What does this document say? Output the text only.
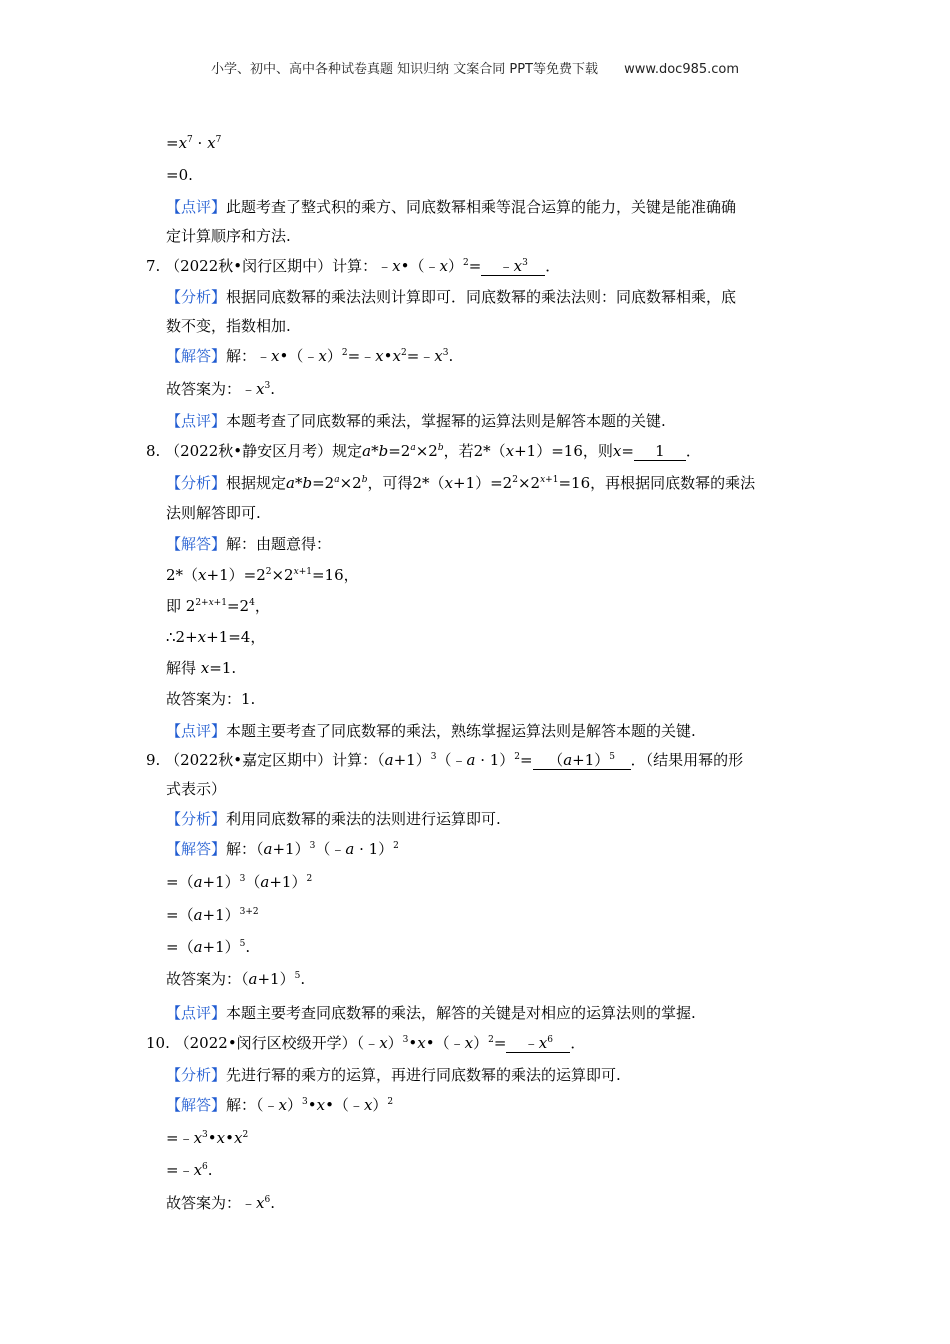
小学、初中、高中各种试卷真题 知识归纳 文案合同 PPT等免费下载 www.doc985.com
$=x^7 \cdot x^7$
=0.
【点评】此题考查了整式积的乘方、同底数幂相乘等混合运算的能力，关键是能准确确
定计算顺序和方法.
7. （2022秋•闵行区期中）计算：﹣x•（﹣x）$^2$= $﹣x^3$ ．
【分析】根据同底数幂的乘法法则计算即可．同底数幂的乘法法则：同底数幂相乘，底
数不变，指数相加.
【解答】解：$﹣x•(﹣x)^2=﹣x•x^2=﹣x^3$.
故答案为：$﹣x^3$.
【点评】本题考查了同底数幂的乘法，掌握幂的运算法则是解答本题的关键.
8. （2022秋•静安区月考）规定$a*b=2^a\times 2^b$，若2*（x+1）=16，则x= 1 ．
【分析】根据规定$a*b=2^a\times 2^b$，可得$2*(x+1)=2^2\times 2^{x+1}=16$，再根据同底数幂的乘法
法则解答即可.
【解答】解：由题意得：
$2*(x+1)=2^2\times 2^{x+1}=16$，
即 $2^{2+x+1}=2^4$，
∴2+x+1=4，
解得 x=1.
故答案为：1.
【点评】本题主要考查了同底数幂的乘法，熟练掌握运算法则是解答本题的关键.
9. （2022秋•嘉定区期中）计算：$(a+1)^3(﹣a \cdot 1)^2= (a+1)^5$ ．（结果用幂的形
式表示）
【分析】利用同底数幂的乘法的法则进行运算即可.
【解答】解：$(a+1)^3(﹣a \cdot 1)^2$
$=(a+1)^3(a+1)^2$
$=(a+1)^{3+2}$
$=(a+1)^5$.
故答案为：$(a+1)^5$.
【点评】本题主要考查同底数幂的乘法，解答的关键是对相应的运算法则的掌握.
10. （2022•闵行区校级开学）（﹣x）$^3$•x•（﹣x）$^2$= $﹣x^6$ ．
【分析】先进行幂的乘方的运算，再进行同底数幂的乘法的运算即可.
【解答】解：（﹣x）$^3$•x•（﹣x）$^2$
$=﹣x^3•x•x^2$
$=﹣x^6$.
故答案为：$﹣x^6$.
